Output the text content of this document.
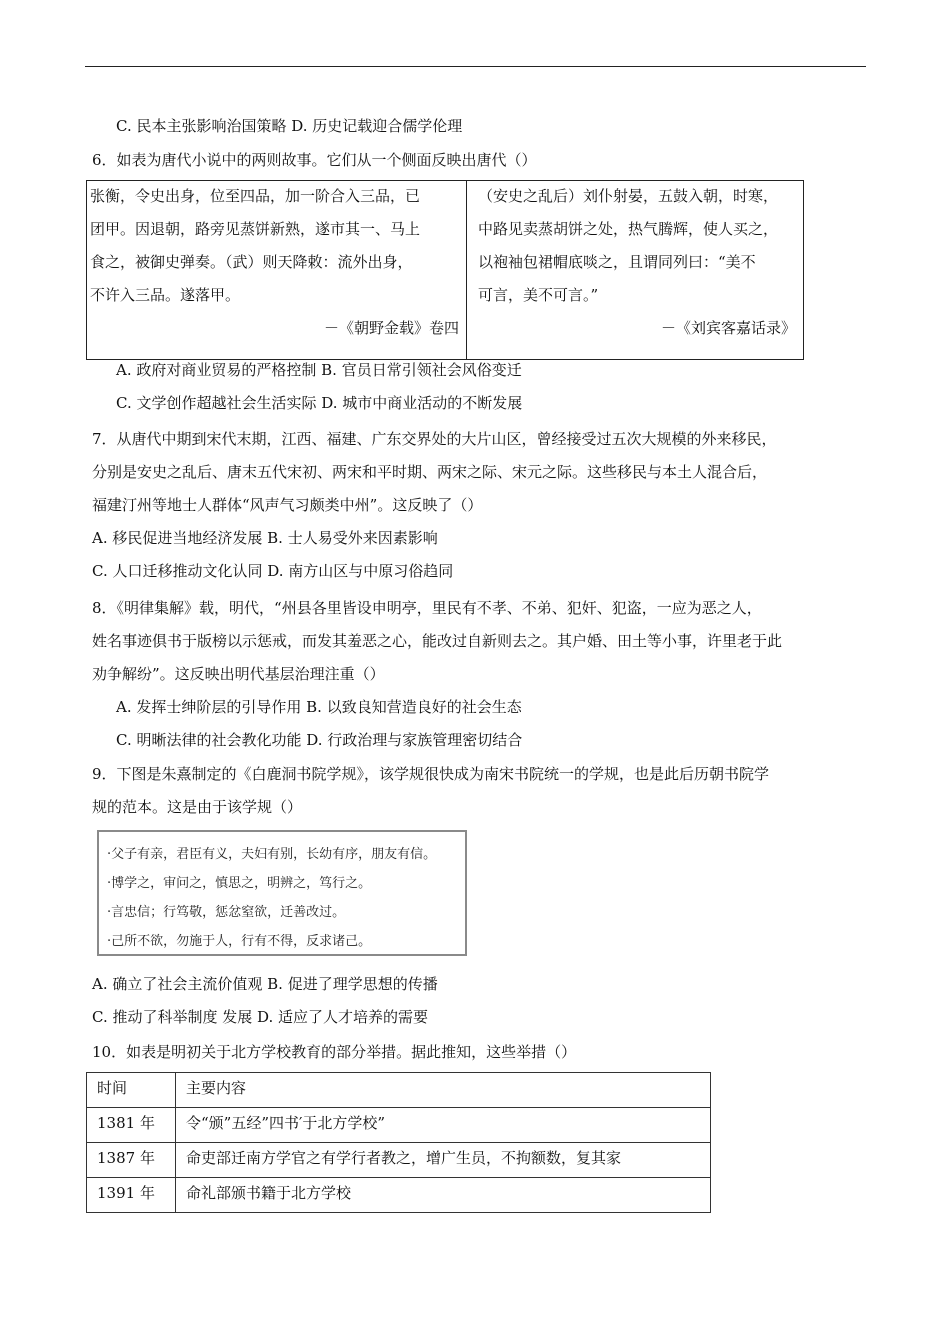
C. 民本主张影响治国策略 D. 历史记载迎合儒学伦理
6．如表为唐代小说中的两则故事。它们从一个侧面反映出唐代（）
张衡，令史出身，位至四品，加一阶合入三品，已
团甲。因退朝，路旁见蒸饼新熟，遂市其一、马上
食之，被御史弹奏。（武）则天降敕：流外出身，
不许入三品。遂落甲。
－《朝野金载》卷四

（安史之乱后）刘仆射晏，五鼓入朝，时寒，
中路见卖蒸胡饼之处，热气腾辉，使人买之，
以袍袖包裙帽底啖之，且谓同列曰：“美不
可言，美不可言。”
－《刘宾客嘉话录》
A. 政府对商业贸易的严格控制 B. 官员日常引领社会风俗变迁
C. 文学创作超越社会生活实际 D. 城市中商业活动的不断发展
7．从唐代中期到宋代末期，江西、福建、广东交界处的大片山区，曾经接受过五次大规模的外来移民，
分别是安史之乱后、唐末五代宋初、两宋和平时期、两宋之际、宋元之际。这些移民与本土人混合后，
福建汀州等地士人群体“风声气习颇类中州”。这反映了（）
A. 移民促进当地经济发展 B. 士人易受外来因素影响
C. 人口迁移推动文化认同 D. 南方山区与中原习俗趋同
8．《明律集解》载，明代，“州县各里皆设申明亭，里民有不孝、不弟、犯奸、犯盗，一应为恶之人，
姓名事迹俱书于版榜以示惩戒，而发其羞恶之心，能改过自新则去之。其户婚、田土等小事，许里老于此
劝争解纷”。这反映出明代基层治理注重（）
A. 发挥士绅阶层的引导作用 B. 以致良知营造良好的社会生态
C. 明晰法律的社会教化功能 D. 行政治理与家族管理密切结合
9．下图是朱熹制定的《白鹿洞书院学规》，该学规很快成为南宋书院统一的学规，也是此后历朝书院学
规的范本。这是由于该学规（）
·父子有亲，君臣有义，夫妇有别，长幼有序，朋友有信。
·博学之，审问之，慎思之，明辨之，笃行之。
·言忠信；行笃敬，惩忿窒欲，迁善改过。
·己所不欲，勿施于人，行有不得，反求诸己。
A. 确立了社会主流价值观 B. 促进了理学思想的传播
C. 推动了科举制度 发展 D. 适应了人才培养的需要
10．如表是明初关于北方学校教育的部分举措。据此推知，这些举措（）
时间	主要内容

1381 年	令“颁”五经”四书′于北方学校”

1387 年	命吏部迁南方学官之有学行者教之，增广生员，不拘额数，复其家

1391 年	命礼部颁书籍于北方学校
